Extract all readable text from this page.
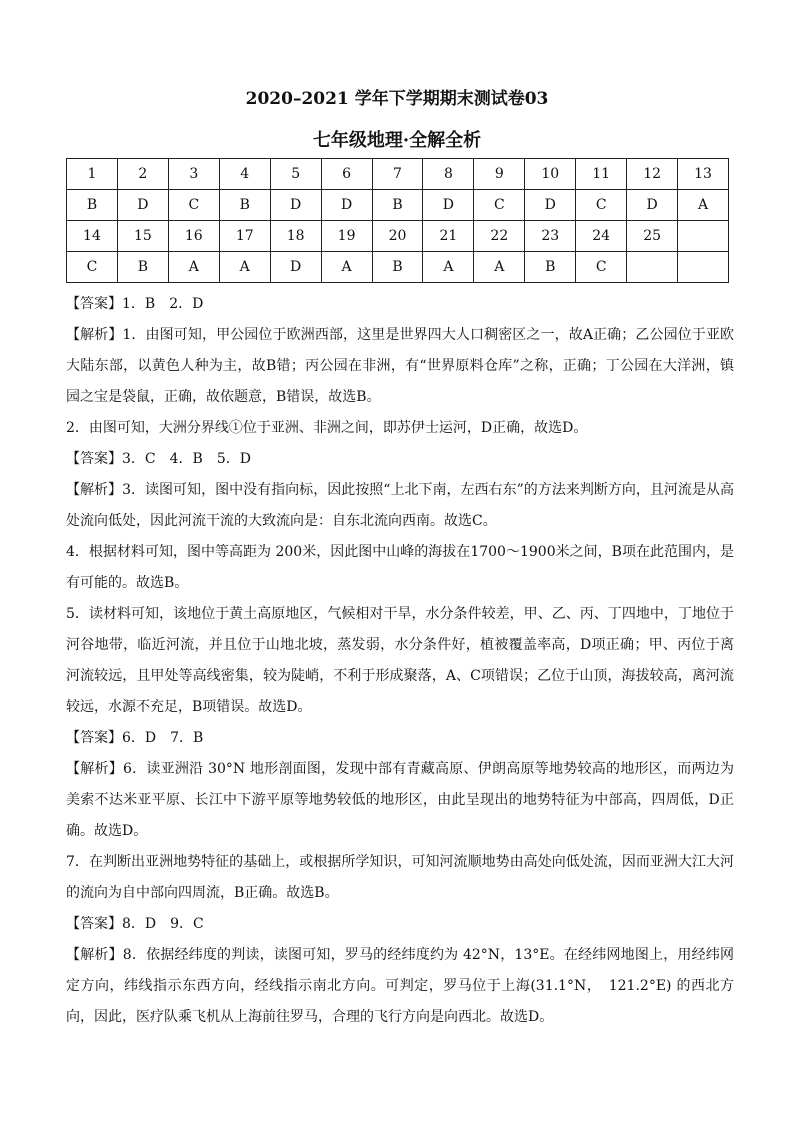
2020–2021 学年下学期期末测试卷03
七年级地理·全解全析
1	2	3	4	5	6	7	8	9	10	11	12	13
B	D	C	B	D	D	B	D	C	D	C	D	A
14	15	16	17	18	19	20	21	22	23	24	25	
C	B	A	A	D	A	B	A	A	B	C		

【答案】1．B　2．D

【解析】1．由图可知，甲公园位于欧洲西部，这里是世界四大人口稠密区之一，故A正确；乙公园位于亚欧大陆东部，以黄色人种为主，故B错；丙公园在非洲，有“世界原料仓库”之称，正确；丁公园在大洋洲，镇园之宝是袋鼠，正确，故依题意，B错误，故选B。

2．由图可知，大洲分界线①位于亚洲、非洲之间，即苏伊士运河，D正确，故选D。

【答案】3．C　4．B　5．D

【解析】3．读图可知，图中没有指向标，因此按照“上北下南，左西右东”的方法来判断方向，且河流是从高处流向低处，因此河流干流的大致流向是：自东北流向西南。故选C。

4．根据材料可知，图中等高距为 200米，因此图中山峰的海拔在1700～1900米之间，B项在此范围内，是有可能的。故选B。

5．读材料可知，该地位于黄土高原地区，气候相对干旱，水分条件较差，甲、乙、丙、丁四地中，丁地位于河谷地带，临近河流，并且位于山地北坡，蒸发弱，水分条件好，植被覆盖率高，D项正确；甲、丙位于离河流较远，且甲处等高线密集，较为陡峭，不利于形成聚落，A、C项错误；乙位于山顶，海拔较高，离河流较远，水源不充足，B项错误。故选D。

【答案】6．D　7．B

【解析】6．读亚洲沿 30°N 地形剖面图，发现中部有青藏高原、伊朗高原等地势较高的地形区，而两边为美索不达米亚平原、长江中下游平原等地势较低的地形区，由此呈现出的地势特征为中部高，四周低，D正确。故选D。

7．在判断出亚洲地势特征的基础上，或根据所学知识，可知河流顺地势由高处向低处流，因而亚洲大江大河的流向为自中部向四周流，B正确。故选B。

【答案】8．D　9．C

【解析】8．依据经纬度的判读，读图可知，罗马的经纬度约为 42°N，13°E。在经纬网地图上，用经纬网定方向，纬线指示东西方向，经线指示南北方向。可判定，罗马位于上海(31.1°N，　121.2°E) 的西北方向，因此，医疗队乘飞机从上海前往罗马，合理的飞行方向是向西北。故选D。
